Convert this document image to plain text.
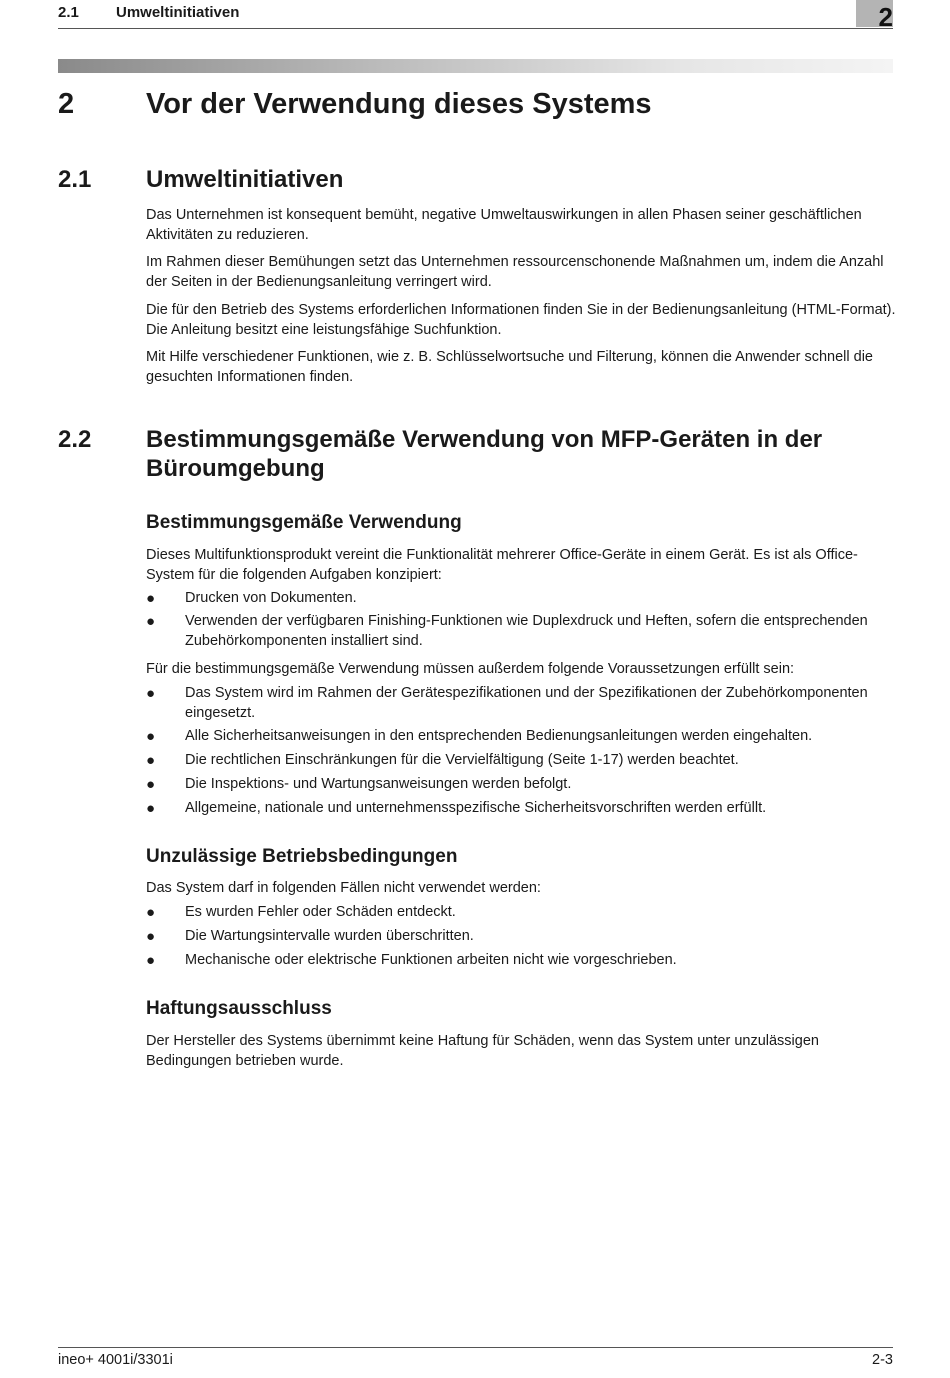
2.1 Umweltinitiativen	2
2 Vor der Verwendung dieses Systems
2.1 Umweltinitiativen
Das Unternehmen ist konsequent bemüht, negative Umweltauswirkungen in allen Phasen seiner geschäftlichen Aktivitäten zu reduzieren.
Im Rahmen dieser Bemühungen setzt das Unternehmen ressourcenschonende Maßnahmen um, indem die Anzahl der Seiten in der Bedienungsanleitung verringert wird.
Die für den Betrieb des Systems erforderlichen Informationen finden Sie in der Bedienungsanleitung (HTML-Format). Die Anleitung besitzt eine leistungsfähige Suchfunktion.
Mit Hilfe verschiedener Funktionen, wie z. B. Schlüsselwortsuche und Filterung, können die Anwender schnell die gesuchten Informationen finden.
2.2 Bestimmungsgemäße Verwendung von MFP-Geräten in der
Büroumgebung
Bestimmungsgemäße Verwendung
Dieses Multifunktionsprodukt vereint die Funktionalität mehrerer Office-Geräte in einem Gerät. Es ist als Office-System für die folgenden Aufgaben konzipiert:
● Drucken von Dokumenten.
● Verwenden der verfügbaren Finishing-Funktionen wie Duplexdruck und Heften, sofern die entsprechenden Zubehörkomponenten installiert sind.
Für die bestimmungsgemäße Verwendung müssen außerdem folgende Voraussetzungen erfüllt sein:
● Das System wird im Rahmen der Gerätespezifikationen und der Spezifikationen der Zubehörkomponenten eingesetzt.
● Alle Sicherheitsanweisungen in den entsprechenden Bedienungsanleitungen werden eingehalten.
● Die rechtlichen Einschränkungen für die Vervielfältigung (Seite 1-17) werden beachtet.
● Die Inspektions- und Wartungsanweisungen werden befolgt.
● Allgemeine, nationale und unternehmensspezifische Sicherheitsvorschriften werden erfüllt.
Unzulässige Betriebsbedingungen
Das System darf in folgenden Fällen nicht verwendet werden:
● Es wurden Fehler oder Schäden entdeckt.
● Die Wartungsintervalle wurden überschritten.
● Mechanische oder elektrische Funktionen arbeiten nicht wie vorgeschrieben.
Haftungsausschluss
Der Hersteller des Systems übernimmt keine Haftung für Schäden, wenn das System unter unzulässigen Bedingungen betrieben wurde.
ineo+ 4001i/3301i	2-3
